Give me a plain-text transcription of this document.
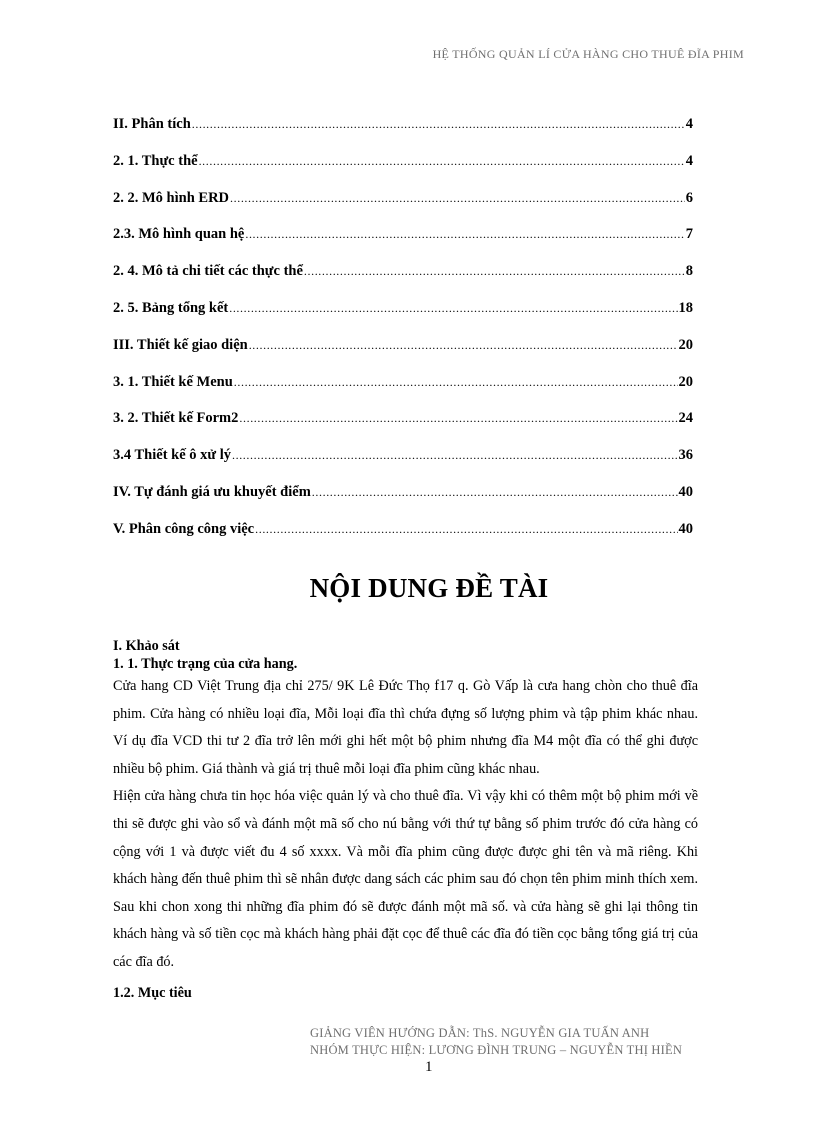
HỆ THỐNG QUẢN LÍ CỬA HÀNG CHO THUÊ ĐĨA PHIM
II. Phân tích .....	4
2. 1. Thực thể .....	4
2. 2. Mô hình ERD .....	6
2.3. Mô hình quan hệ .....	7
2. 4. Mô tả chi tiết các thực thể .....	8
2. 5. Bảng tổng kết .....	18
III. Thiết kế giao diện .....	20
3. 1. Thiết kế Menu .....	20
3. 2. Thiết kế Form2 .....	24
3.4 Thiết kế ô xử lý .....	36
IV. Tự đánh giá ưu khuyết điểm .....	40
V. Phân công công việc .....	40
NỘI DUNG ĐỀ TÀI
I. Khảo sát
1. 1. Thực trạng của cửa hang.

Cửa hang CD Việt Trung địa chỉ 275/ 9K Lê Đức Thọ f17 q. Gò Vấp là cưa hang chòn cho thuê đĩa phim. Cửa hàng có nhiều loại đĩa, Mỗi loại đĩa thì chứa đựng số lượng phim và tập phim khác nhau. Ví dụ đĩa VCD thi tư 2 đĩa trở lên mới ghi hết một bộ phim nhưng đĩa M4 một đĩa có thể ghi được nhiều bộ phim. Giá thành và giá trị thuê mỗi loại đĩa phim cũng khác nhau.

Hiện cửa hàng chưa tin học hóa việc quản lý và cho thuê đĩa. Vì vậy khi có thêm một bộ phim mới về thi sẽ được ghi vào sổ và đánh một mã số cho nú bằng với thứ tự bằng số phim trước đó cửa hàng có cộng với 1 và được viết đu 4 số xxxx. Và mỗi đĩa phim cũng được được ghi tên và mã riêng. Khi khách hàng đến thuê phim thì sẽ nhân được dang sách các phim sau đó chọn tên phim minh thích xem. Sau khi chon xong thi những đĩa phim đó sẽ được đánh một mã số. và cửa hàng sẽ ghi lại thông tin khách hàng và số tiền cọc mà khách hàng phải đặt cọc để thuê các đĩa đó tiền cọc bằng tổng giá trị của các đĩa đó.

1.2. Mục tiêu
GIẢNG VIÊN HƯỚNG DẪN: ThS. NGUYỄN GIA TUẤN ANH
NHÓM THỰC HIỆN: LƯƠNG ĐÌNH TRUNG – NGUYỄN THỊ HIỀN
1
